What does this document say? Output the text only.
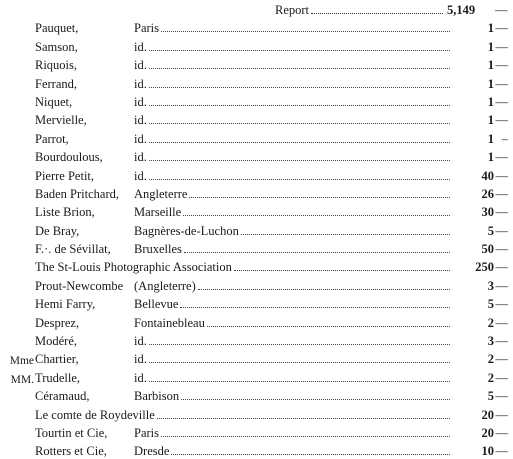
Report	5,149	—
Pauquet,	Paris	1 —
Samson,	id.	1 —
Riquois,	id.	1 —
Ferrand,	id.	1 —
Niquet,	id.	1 —
Mervielle,	id.	1 —
Parrot,	id.	1 –
Bourdoulous,	id.	1 —
Pierre Petit,	id.	40 —
Baden Pritchard, Angleterre	26 —
Liste Brion,	Marseille	30 —
De Bray,	Bagnères-de-Luchon	5 —
F.·. de Sévillat, Bruxelles	50 —
The St-Louis Photographic Association	250 —
Prout-Newcombe (Angleterre)	3 —
Hemi Farry,	Bellevue	5 —
Desprez,	Fontainebleau	2 —
Modéré,	id.	3 —
Mme Chartier,	id.	2 —
MM. Trudelle,	id.	2 —
Céramaud,	Barbison	5 —
Le comte de Roydeville	20 —
Tourtin et Cie, Paris	20 —
Rotters et Cie, Dresde	10 —
